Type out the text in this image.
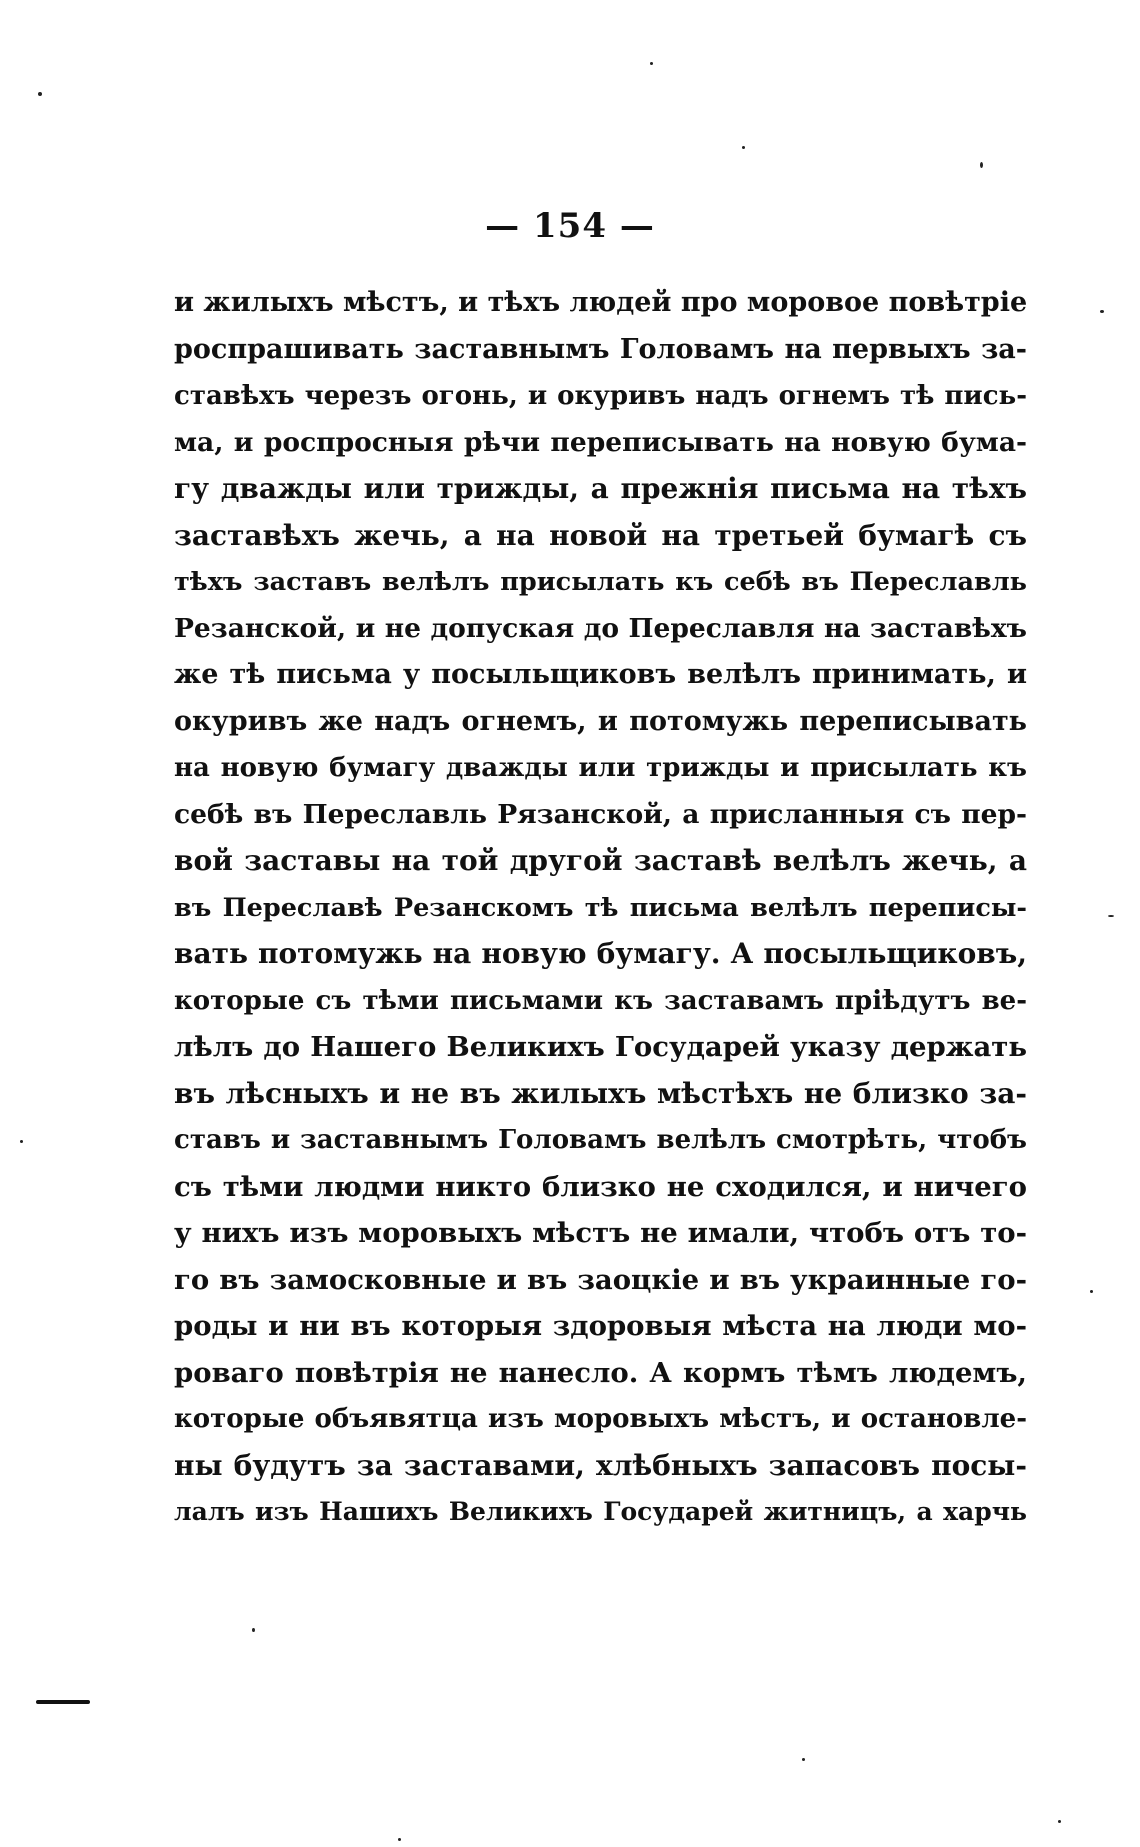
— 154 —
и жилыхъ мѣстъ, и тѣхъ людей про моровое повѣтріе
роспрашивать заставнымъ Головамъ на первыхъ за-
ставѣхъ черезъ огонь, и окуривъ надъ огнемъ тѣ пись-
ма, и роспросныя рѣчи переписывать на новую бума-
гу дважды или трижды, а прежнія письма на тѣхъ
заставѣхъ жечь, а на новой на третьей бумагѣ съ
тѣхъ заставъ велѣлъ присылать къ себѣ въ Переславль
Резанской, и не допуская до Переславля на заставѣхъ
же тѣ письма у посыльщиковъ велѣлъ принимать, и
окуривъ же надъ огнемъ, и потомужь переписывать
на новую бумагу дважды или трижды и присылать къ
себѣ въ Переславль Рязанской, а присланныя съ пер-
вой заставы на той другой заставѣ велѣлъ жечь, а
въ Переславѣ Резанскомъ тѣ письма велѣлъ переписы-
вать потомужь на новую бумагу. А посыльщиковъ,
которые съ тѣми письмами къ заставамъ пріѣдутъ ве-
лѣлъ до Нашего Великихъ Государей указу держать
въ лѣсныхъ и не въ жилыхъ мѣстѣхъ не близко за-
ставъ и заставнымъ Головамъ велѣлъ смотрѣть, чтобъ
съ тѣми людми никто близко не сходился, и ничего
у нихъ изъ моровыхъ мѣстъ не имали, чтобъ отъ то-
го въ замосковные и въ заоцкіе и въ украинные го-
роды и ни въ которыя здоровыя мѣста на люди мо-
роваго повѣтрія не нанесло. А кормъ тѣмъ людемъ,
которые объявятца изъ моровыхъ мѣстъ, и остановле-
ны будутъ за заставами, хлѣбныхъ запасовъ посы-
лалъ изъ Нашихъ Великихъ Государей житницъ, а харчь
